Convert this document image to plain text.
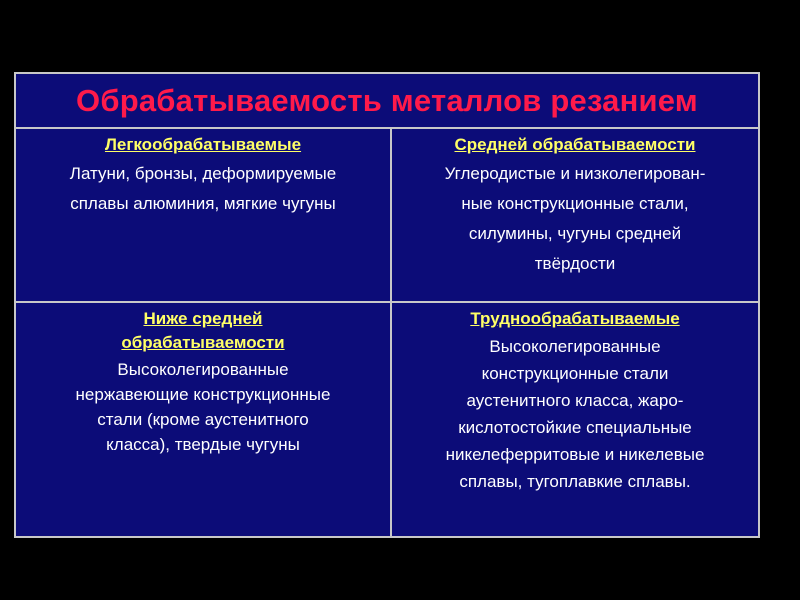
Обрабатываемость металлов резанием
Легкообрабатываемые
Латуни, бронзы, деформируемые
сплавы алюминия, мягкие чугуны
Средней обрабатываемости
Углеродистые и низколегирован-
ные конструкционные стали,
силумины, чугуны средней
твёрдости
Ниже средней
обрабатываемости
Высоколегированные
нержавеющие конструкционные
стали (кроме аустенитного
класса), твердые чугуны
Труднообрабатываемые
Высоколегированные
конструкционные стали
аустенитного класса, жаро-
кислотостойкие специальные
никелеферритовые и никелевые
сплавы, тугоплавкие сплавы.
